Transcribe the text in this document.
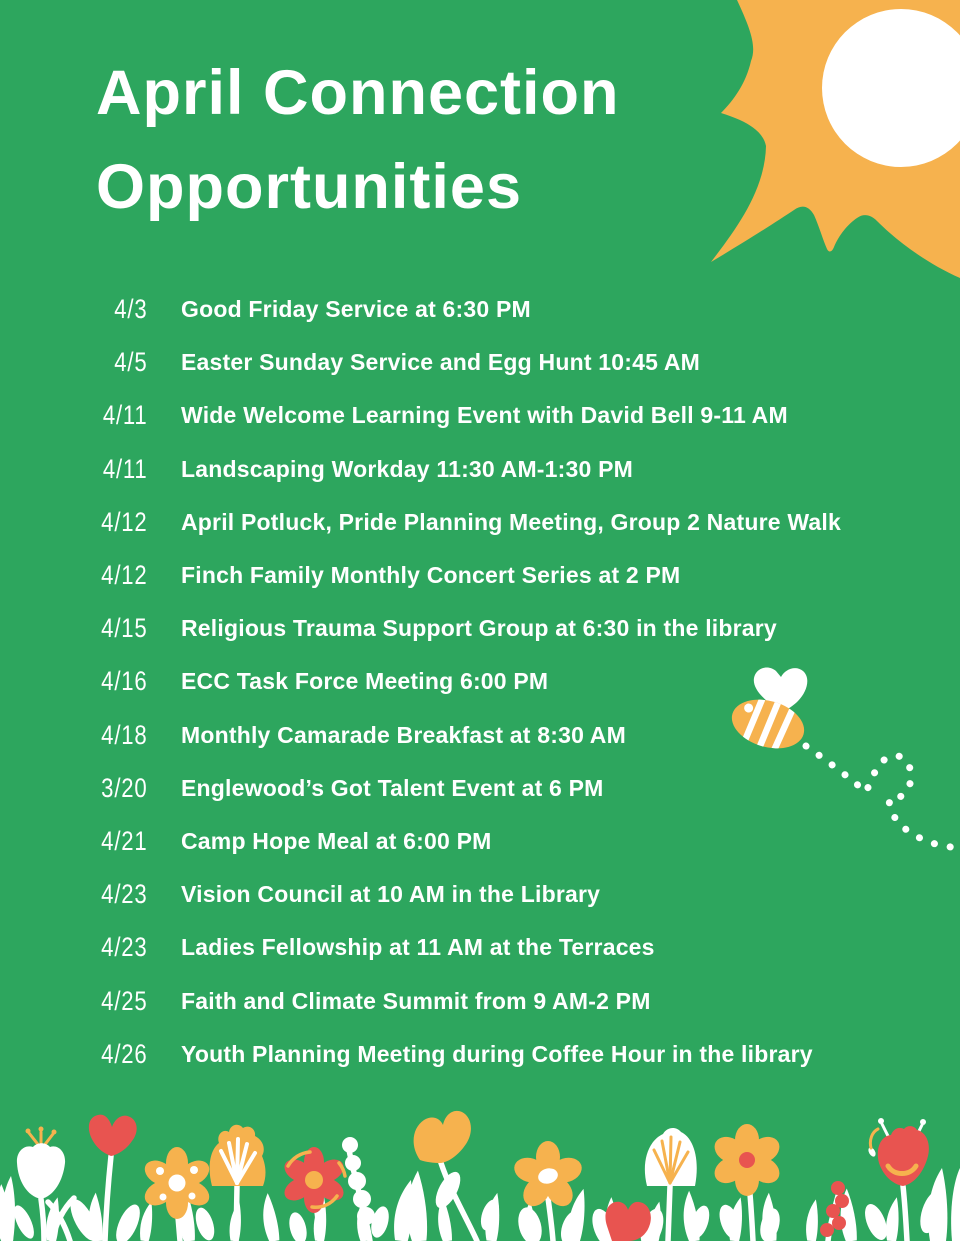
April Connection
Opportunities
4/3	Good Friday Service at 6:30 PM
4/5	Easter Sunday Service and Egg Hunt 10:45 AM
4/11	Wide Welcome Learning Event with David Bell 9-11 AM
4/11	Landscaping Workday 11:30 AM-1:30 PM
4/12	April Potluck, Pride Planning Meeting, Group 2 Nature Walk
4/12	Finch Family Monthly Concert Series at 2 PM
4/15	Religious Trauma Support Group at 6:30 in the library
4/16	ECC Task Force Meeting 6:00 PM
4/18	Monthly Camarade Breakfast at 8:30 AM
3/20	Englewood’s Got Talent Event at 6 PM
4/21	Camp Hope Meal at 6:00 PM
4/23	Vision Council at 10 AM in the Library
4/23	Ladies Fellowship at 11 AM at the Terraces
4/25	Faith and Climate Summit from 9 AM-2 PM
4/26	Youth Planning Meeting during Coffee Hour in the library
